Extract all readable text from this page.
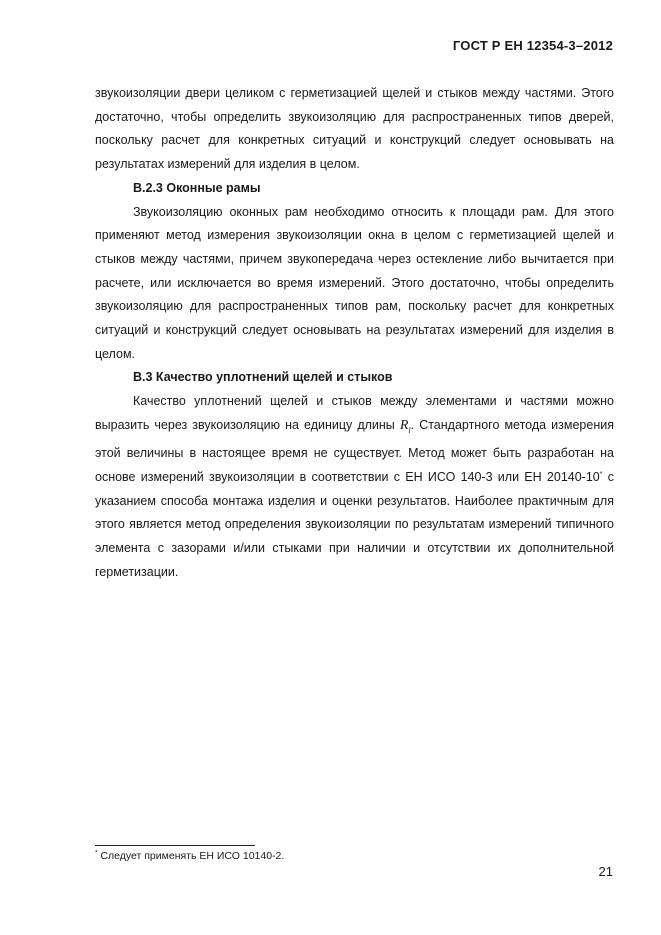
ГОСТ Р ЕН 12354-3–2012

звукоизоляции двери целиком с герметизацией щелей и стыков между частями. Этого достаточно, чтобы определить звукоизоляцию для распространенных типов дверей, поскольку расчет для конкретных ситуаций и конструкций следует основывать на результатах измерений для изделия в целом.

В.2.3 Оконные рамы

Звукоизоляцию оконных рам необходимо относить к площади рам. Для этого применяют метод измерения звукоизоляции окна в целом с герметизацией щелей и стыков между частями, причем звукопередача через остекление либо вычитается при расчете, или исключается во время измерений. Этого достаточно, чтобы определить звукоизоляцию для распространенных типов рам, поскольку расчет для конкретных ситуаций и конструкций следует основывать на результатах измерений для изделия в целом.

В.3 Качество уплотнений щелей и стыков

Качество уплотнений щелей и стыков между элементами и частями можно выразить через звукоизоляцию на единицу длины $R_l$. Стандартного метода измерения этой величины в настоящее время не существует. Метод может быть разработан на основе измерений звукоизоляции в соответствии с ЕН ИСО 140-3 или ЕН 20140-10* с указанием способа монтажа изделия и оценки результатов. Наиболее практичным для этого является метод определения звукоизоляции по результатам измерений типичного элемента с зазорами и/или стыками при наличии и отсутствии их дополнительной герметизации.

* Следует применять ЕН ИСО 10140-2.
21
